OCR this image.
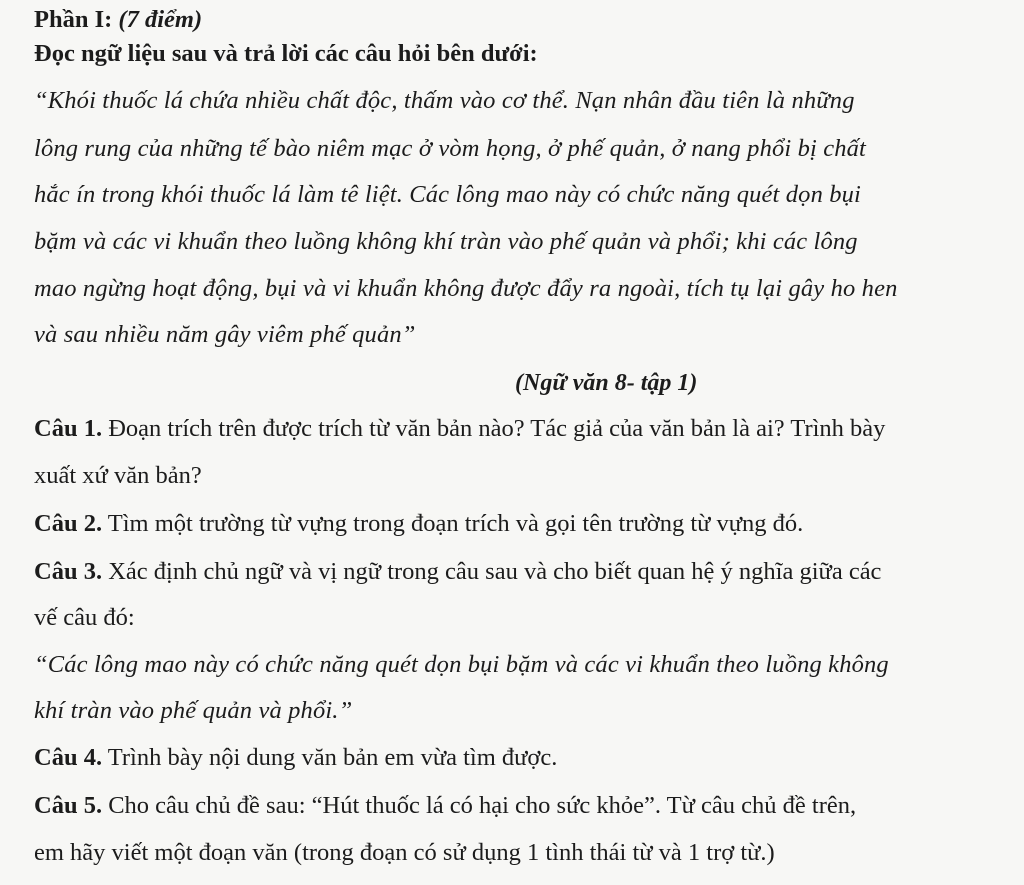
Phần I: (7 điểm)
Đọc ngữ liệu sau và trả lời các câu hỏi bên dưới:
“Khói thuốc lá chứa nhiều chất độc, thấm vào cơ thể. Nạn nhân đầu tiên là những
lông rung của những tế bào niêm mạc ở vòm họng, ở phế quản, ở nang phổi bị chất
hắc ín trong khói thuốc lá làm tê liệt. Các lông mao này có chức năng quét dọn bụi
bặm và các vi khuẩn theo luồng không khí tràn vào phế quản và phổi; khi các lông
mao ngừng hoạt động, bụi và vi khuẩn không được đẩy ra ngoài, tích tụ lại gây ho hen
và sau nhiều năm gây viêm phế quản”
(Ngữ văn 8- tập 1)
Câu 1. Đoạn trích trên được trích từ văn bản nào? Tác giả của văn bản là ai? Trình bày
xuất xứ văn bản?
Câu 2. Tìm một trường từ vựng trong đoạn trích và gọi tên trường từ vựng đó.
Câu 3. Xác định chủ ngữ và vị ngữ trong câu sau và cho biết quan hệ ý nghĩa giữa các
vế câu đó:
“Các lông mao này có chức năng quét dọn bụi bặm và các vi khuẩn theo luồng không
khí tràn vào phế quản và phổi.”
Câu 4. Trình bày nội dung văn bản em vừa tìm được.
Câu 5. Cho câu chủ đề sau: “Hút thuốc lá có hại cho sức khỏe”. Từ câu chủ đề trên,
em hãy viết một đoạn văn (trong đoạn có sử dụng 1 tình thái từ và 1 trợ từ.)
